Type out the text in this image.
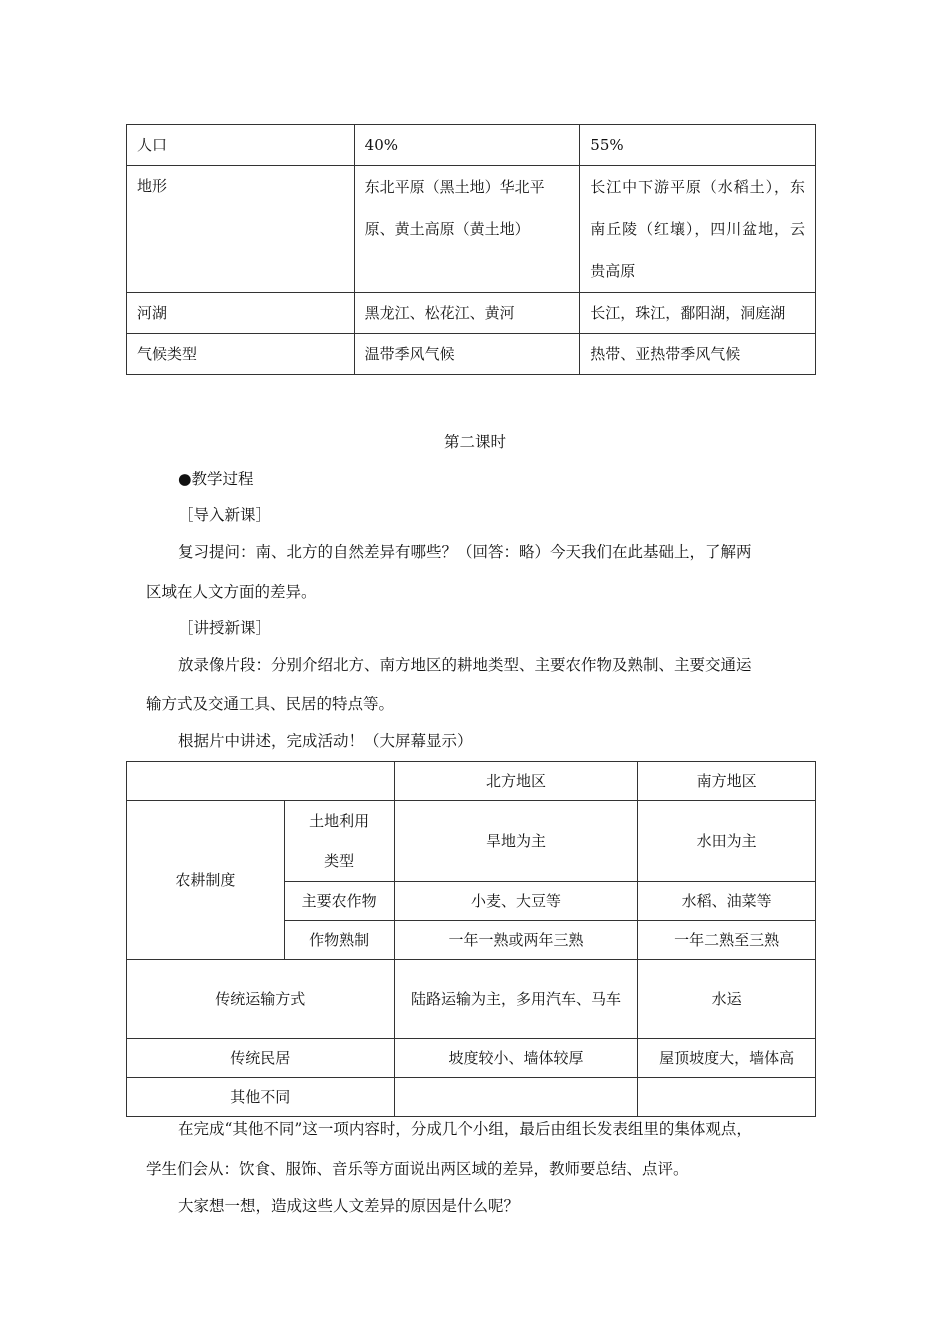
人口	40%	55%
地形	东北平原（黑土地）华北平原、黄土高原（黄土地）	长江中下游平原（水稻土），东南丘陵（红壤），四川盆地，云贵高原
河湖	黑龙江、松花江、黄河	长江，珠江，鄱阳湖，洞庭湖
气候类型	温带季风气候	热带、亚热带季风气候
第二课时
●教学过程
［导入新课］
复习提问：南、北方的自然差异有哪些？（回答：略）今天我们在此基础上，了解两
区域在人文方面的差异。
［讲授新课］
放录像片段：分别介绍北方、南方地区的耕地类型、主要农作物及熟制、主要交通运
输方式及交通工具、民居的特点等。
根据片中讲述，完成活动！（大屏幕显示）
		北方地区	南方地区
农耕制度	土地利用类型	旱地为主	水田为主
	主要农作物	小麦、大豆等	水稻、油菜等
	作物熟制	一年一熟或两年三熟	一年二熟至三熟
传统运输方式		陆路运输为主，多用汽车、马车	水运
传统民居		坡度较小、墙体较厚	屋顶坡度大，墙体高
其他不同			
在完成“其他不同”这一项内容时，分成几个小组，最后由组长发表组里的集体观点，
学生们会从：饮食、服饰、音乐等方面说出两区域的差异，教师要总结、点评。
大家想一想，造成这些人文差异的原因是什么呢？
